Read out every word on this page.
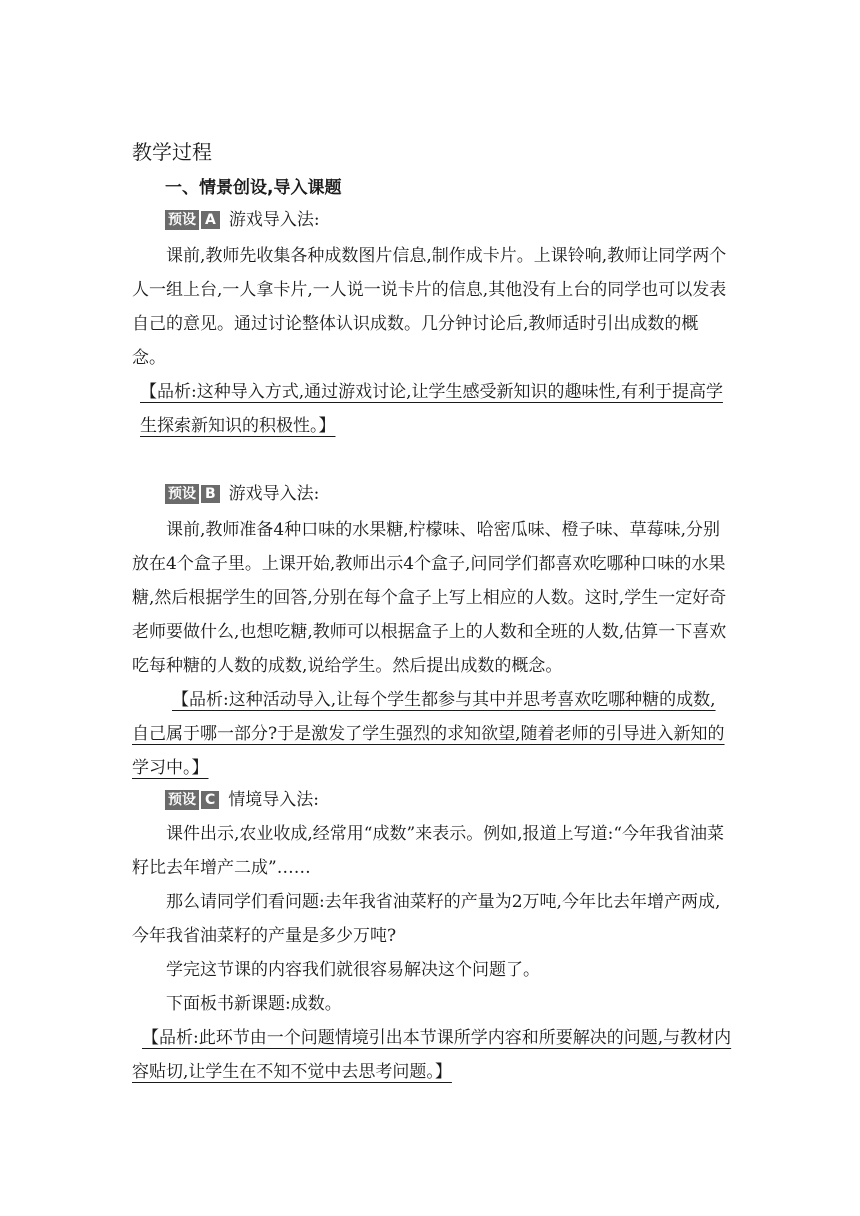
教学过程
一、情景创设,导入课题
预设 A 游戏导入法:

课前,教师先收集各种成数图片信息,制作成卡片。上课铃响,教师让同学两个人一组上台,一人拿卡片,一人说一说卡片的信息,其他没有上台的同学也可以发表自己的意见。通过讨论整体认识成数。几分钟讨论后,教师适时引出成数的概念。

【品析:这种导入方式,通过游戏讨论,让学生感受新知识的趣味性,有利于提高学生探索新知识的积极性。】

预设 B 游戏导入法:

课前,教师准备4种口味的水果糖,柠檬味、哈密瓜味、橙子味、草莓味,分别放在4个盒子里。上课开始,教师出示4个盒子,问同学们都喜欢吃哪种口味的水果糖,然后根据学生的回答,分别在每个盒子上写上相应的人数。这时,学生一定好奇老师要做什么,也想吃糖,教师可以根据盒子上的人数和全班的人数,估算一下喜欢吃每种糖的人数的成数,说给学生。然后提出成数的概念。

【品析:这种活动导入,让每个学生都参与其中并思考喜欢吃哪种糖的成数,自己属于哪一部分?于是激发了学生强烈的求知欲望,随着老师的引导进入新知的学习中。】

预设 C 情境导入法:

课件出示,农业收成,经常用“成数”来表示。例如,报道上写道:“今年我省油菜籽比去年增产二成”……

那么请同学们看问题:去年我省油菜籽的产量为2万吨,今年比去年增产两成,今年我省油菜籽的产量是多少万吨?

学完这节课的内容我们就很容易解决这个问题了。

下面板书新课题:成数。

【品析:此环节由一个问题情境引出本节课所学内容和所要解决的问题,与教材内容贴切,让学生在不知不觉中去思考问题。】
